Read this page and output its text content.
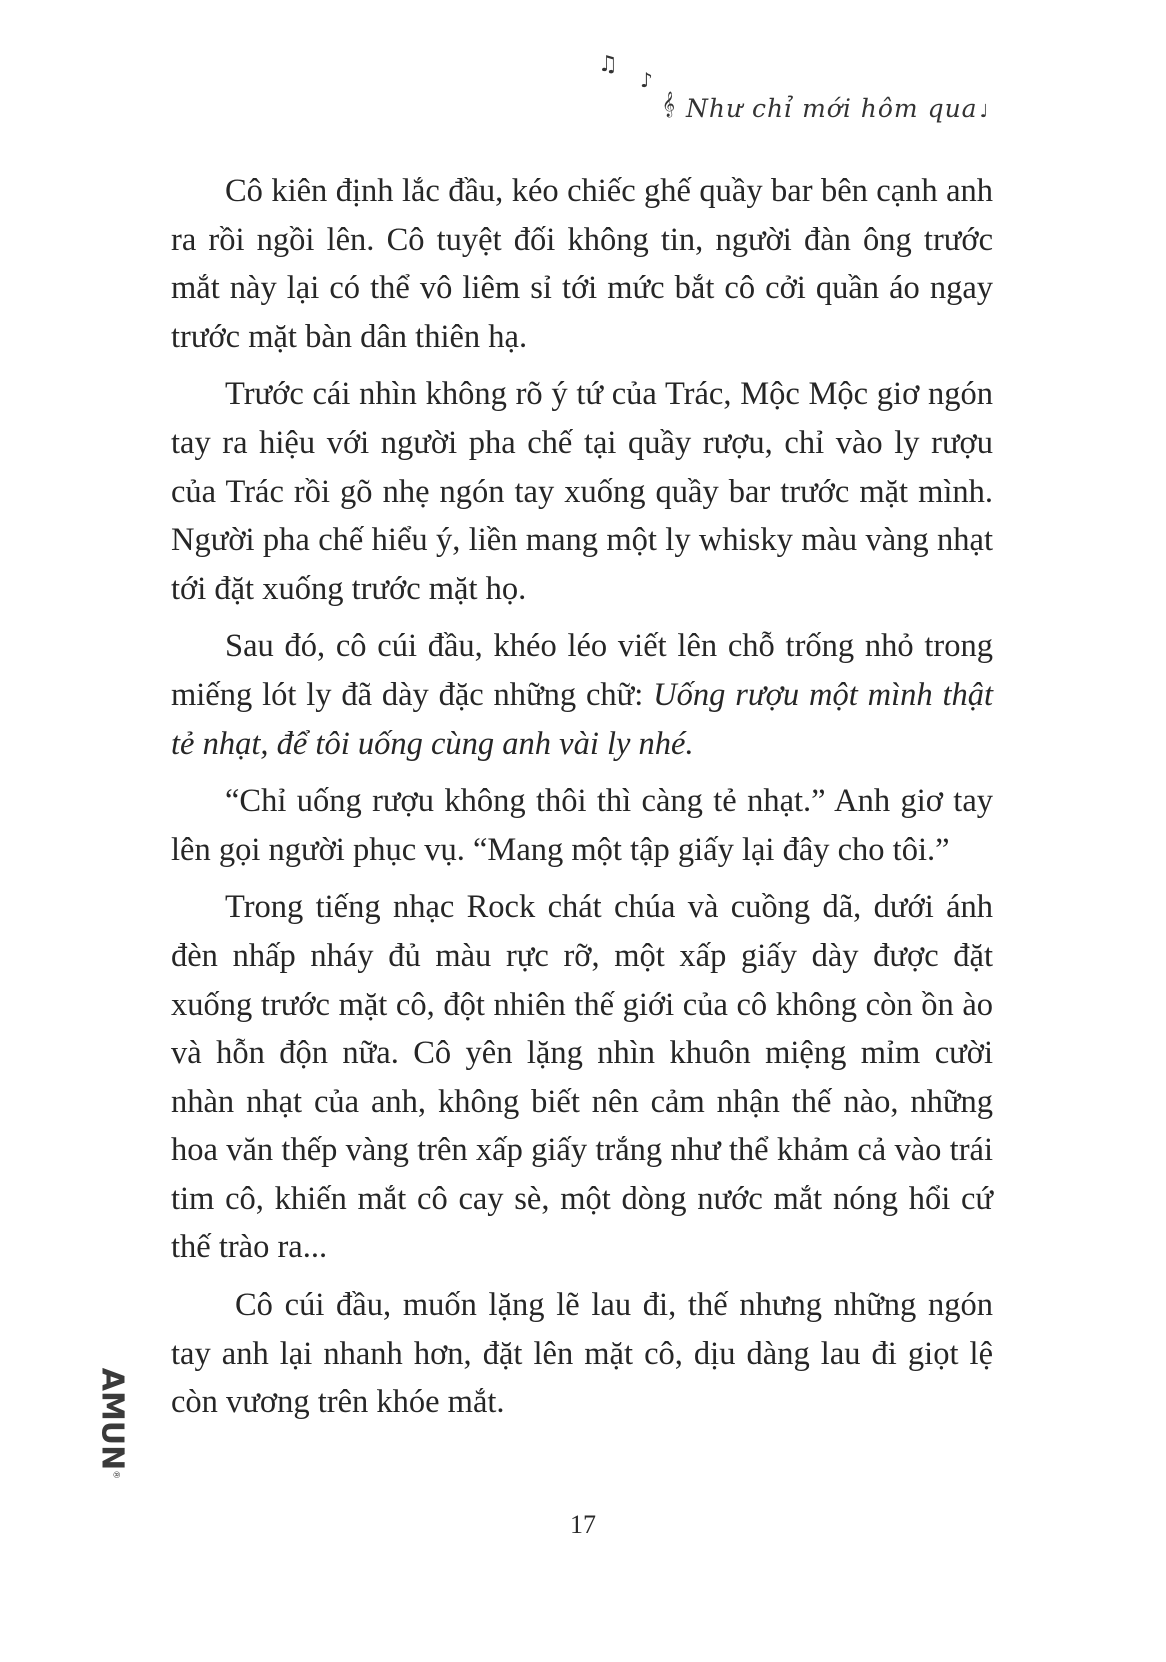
♫
♪
𝄞 Như chỉ mới hôm qua ♩

Cô kiên định lắc đầu, kéo chiếc ghế quầy bar bên cạnh anh ra rồi ngồi lên. Cô tuyệt đối không tin, người đàn ông trước mắt này lại có thể vô liêm sỉ tới mức bắt cô cởi quần áo ngay trước mặt bàn dân thiên hạ.

Trước cái nhìn không rõ ý tứ của Trác, Mộc Mộc giơ ngón tay ra hiệu với người pha chế tại quầy rượu, chỉ vào ly rượu của Trác rồi gõ nhẹ ngón tay xuống quầy bar trước mặt mình. Người pha chế hiểu ý, liền mang một ly whisky màu vàng nhạt tới đặt xuống trước mặt họ.

Sau đó, cô cúi đầu, khéo léo viết lên chỗ trống nhỏ trong miếng lót ly đã dày đặc những chữ: Uống rượu một mình thật tẻ nhạt, để tôi uống cùng anh vài ly nhé.

“Chỉ uống rượu không thôi thì càng tẻ nhạt.” Anh giơ tay lên gọi người phục vụ. “Mang một tập giấy lại đây cho tôi.”

Trong tiếng nhạc Rock chát chúa và cuồng dã, dưới ánh đèn nhấp nháy đủ màu rực rỡ, một xấp giấy dày được đặt xuống trước mặt cô, đột nhiên thế giới của cô không còn ồn ào và hỗn độn nữa. Cô yên lặng nhìn khuôn miệng mỉm cười nhàn nhạt của anh, không biết nên cảm nhận thế nào, những hoa văn thếp vàng trên xấp giấy trắng như thể khảm cả vào trái tim cô, khiến mắt cô cay sè, một dòng nước mắt nóng hổi cứ thế trào ra...

Cô cúi đầu, muốn lặng lẽ lau đi, thế nhưng những ngón tay anh lại nhanh hơn, đặt lên mặt cô, dịu dàng lau đi giọt lệ còn vương trên khóe mắt.

AMUN®
17
